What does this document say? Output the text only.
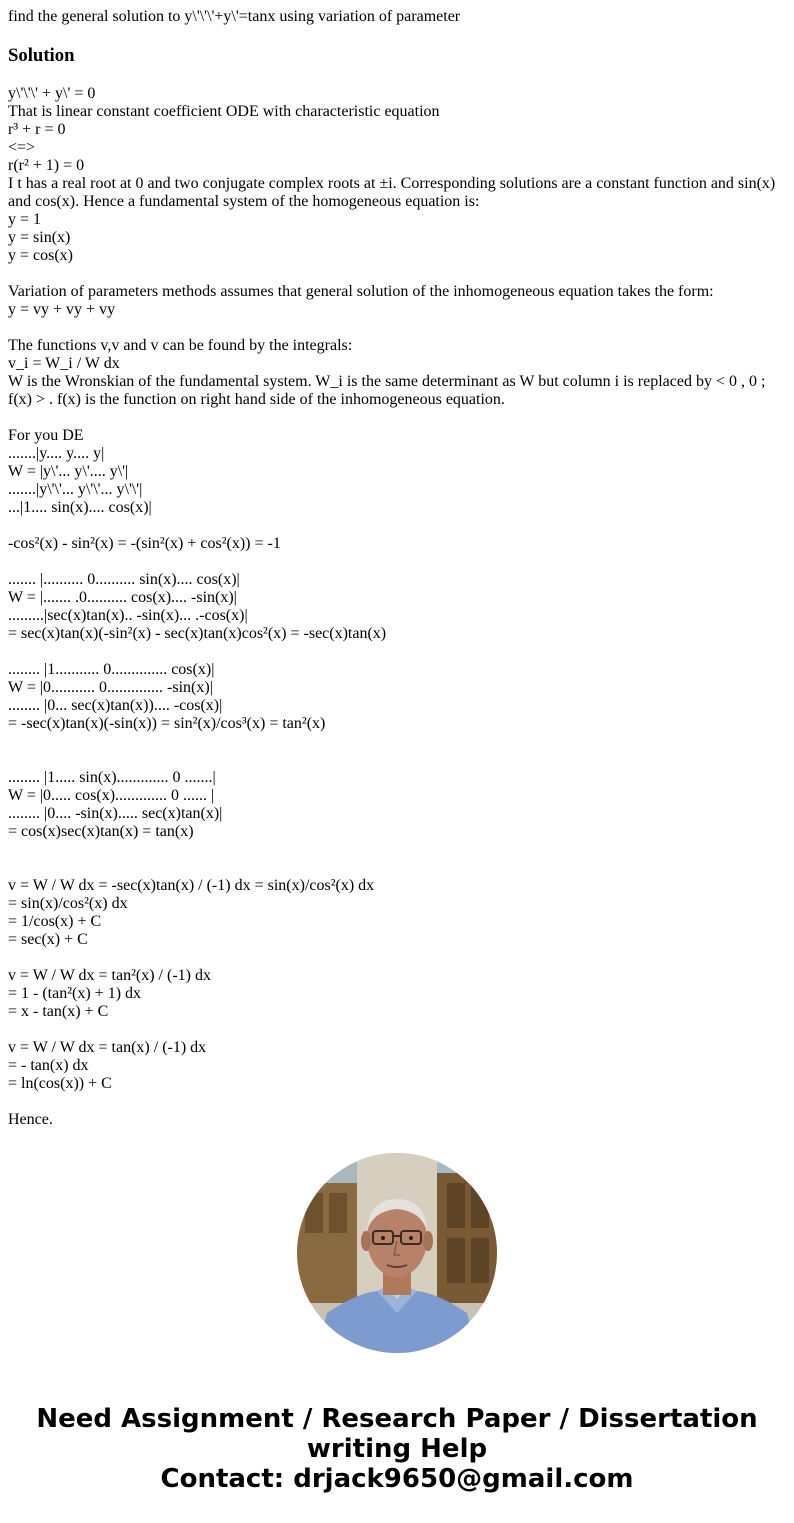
find the general solution to y\'\'\'+y\'=tanx using variation of parameter
Solution
y\'\'\' + y\' = 0
That is linear constant coefficient ODE with characteristic equation
r³ + r = 0
<=>
r(r² + 1) = 0
I t has a real root at 0 and two conjugate complex roots at ±i. Corresponding solutions are a constant function and sin(x) and cos(x). Hence a fundamental system of the homogeneous equation is:
y = 1
y = sin(x)
y = cos(x)
Variation of parameters methods assumes that general solution of the inhomogeneous equation takes the form:
y = vy + vy + vy
The functions v,v and v can be found by the integrals:
v_i = W_i / W dx
W is the Wronskian of the fundamental system. W_i is the same determinant as W but column i is replaced by < 0 , 0 ; f(x) > . f(x) is the function on right hand side of the inhomogeneous equation.
For you DE
.......|y.... y.... y|
W = |y\'... y\'.... y\'|
.......|y\'\'... y\'\'... y\'\'|
...|1.... sin(x).... cos(x)|
-cos²(x) - sin²(x) = -(sin²(x) + cos²(x)) = -1
....... |.......... 0.......... sin(x).... cos(x)|
W = |....... .0.......... cos(x).... -sin(x)|
.........|sec(x)tan(x).. -sin(x)... .-cos(x)|
= sec(x)tan(x)(-sin²(x) - sec(x)tan(x)cos²(x) = -sec(x)tan(x)
........ |1........... 0.............. cos(x)|
W = |0........... 0.............. -sin(x)|
........ |0... sec(x)tan(x)).... -cos(x)|
= -sec(x)tan(x)(-sin(x)) = sin²(x)/cos³(x) = tan²(x)
........ |1..... sin(x)............. 0 .......|
W = |0..... cos(x)............. 0 ...... |
........ |0.... -sin(x)..... sec(x)tan(x)|
= cos(x)sec(x)tan(x) = tan(x)
v = W / W dx = -sec(x)tan(x) / (-1) dx = sin(x)/cos²(x) dx
= sin(x)/cos²(x) dx
= 1/cos(x) + C
= sec(x) + C
v = W / W dx = tan²(x) / (-1) dx
= 1 - (tan²(x) + 1) dx
= x - tan(x) + C
v = W / W dx = tan(x) / (-1) dx
= - tan(x) dx
= ln(cos(x)) + C
Hence.
Need Assignment / Research Paper / Dissertation
writing Help
Contact: drjack9650@gmail.com
